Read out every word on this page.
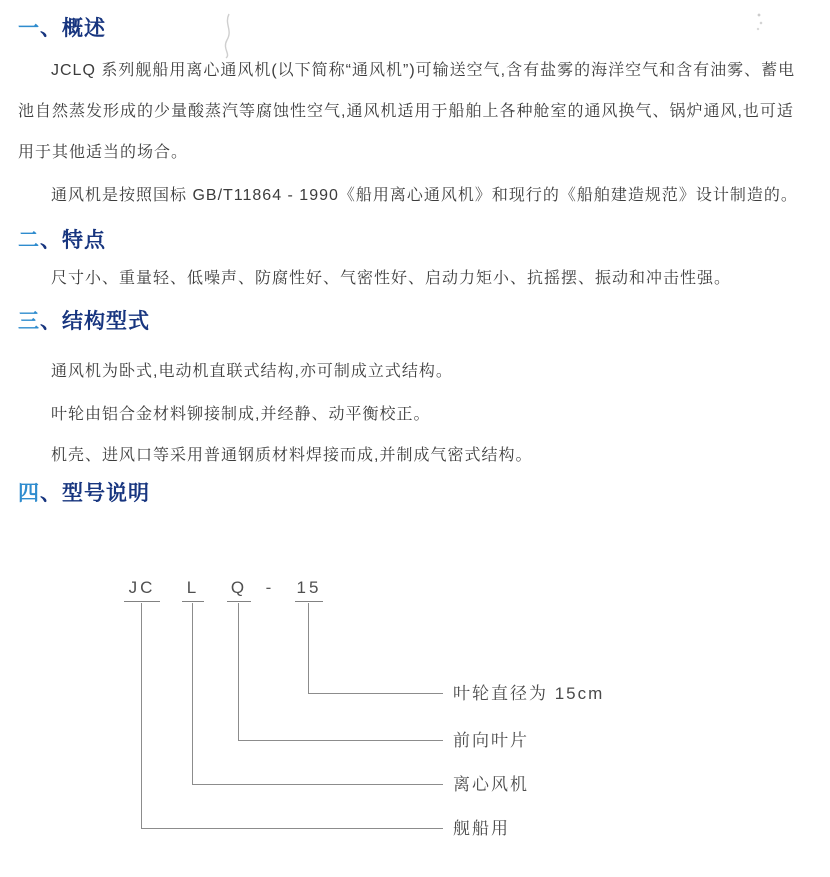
一、概述
JCLQ 系列舰船用离心通风机(以下简称“通风机”)可输送空气,含有盐雾的海洋空气和含有油雾、蓄电
池自然蒸发形成的少量酸蒸汽等腐蚀性空气,通风机适用于船舶上各种舱室的通风换气、锅炉通风,也可适
用于其他适当的场合。
通风机是按照国标 GB/T11864 - 1990《船用离心通风机》和现行的《船舶建造规范》设计制造的。
二、特点
尺寸小、重量轻、低噪声、防腐性好、气密性好、启动力矩小、抗摇摆、振动和冲击性强。
三、结构型式
通风机为卧式,电动机直联式结构,亦可制成立式结构。
叶轮由铝合金材料铆接制成,并经静、动平衡校正。
机壳、进风口等采用普通钢质材料焊接而成,并制成气密式结构。
四、型号说明
JC L Q	-	15
叶轮直径为 15cm
前向叶片
离心风机
舰船用
